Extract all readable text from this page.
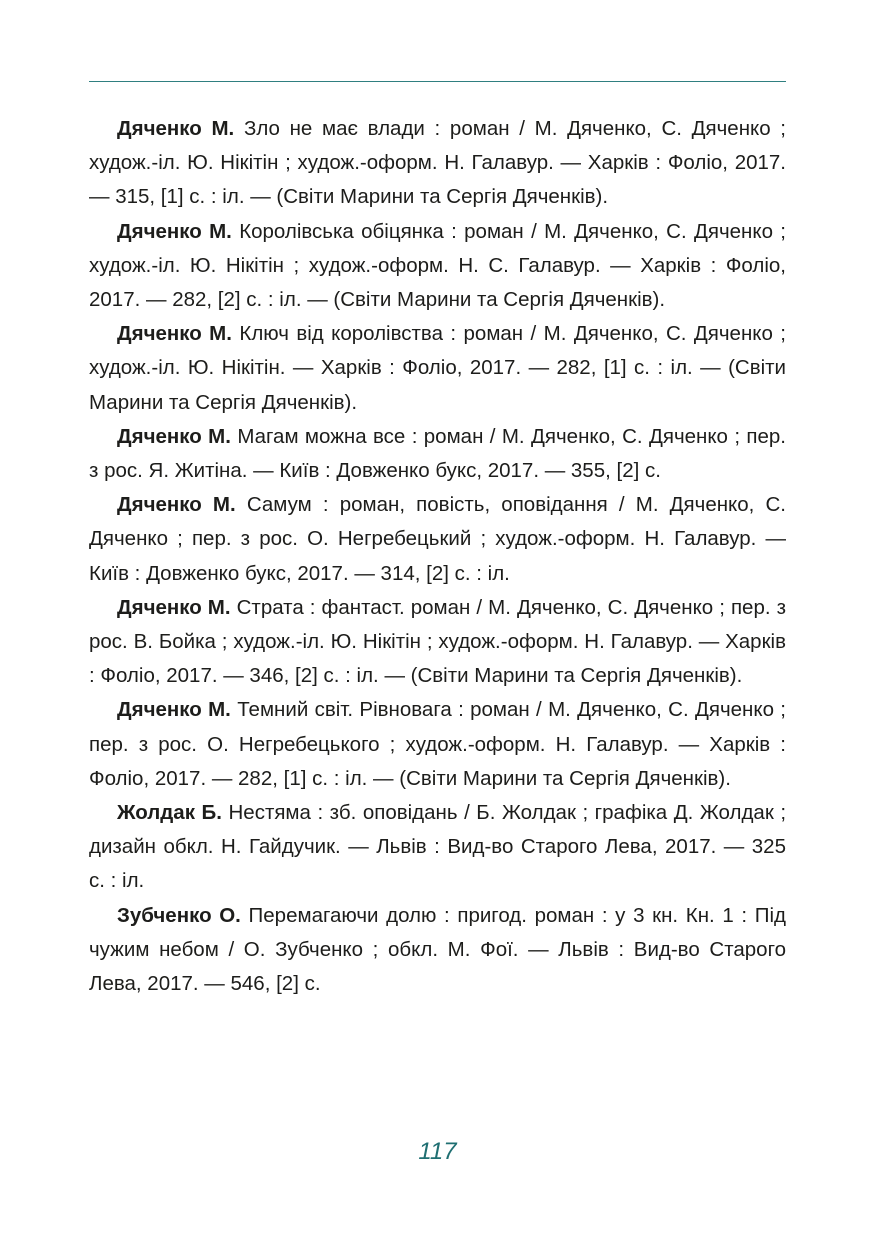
Дяченко М. Зло не має влади : роман / М. Дяченко, С. Дяченко ; худож.-іл. Ю. Нікітін ; худож.-оформ. Н. Галавур. — Харків : Фоліо, 2017. — 315, [1] с. : іл. — (Світи Марини та Сергія Дяченків).

Дяченко М. Королівська обіцянка : роман / М. Дяченко, С. Дяченко ; худож.-іл. Ю. Нікітін ; худож.-оформ. Н. С. Галавур. — Харків : Фоліо, 2017. — 282, [2] с. : іл. — (Світи Марини та Сергія Дяченків).

Дяченко М. Ключ від королівства : роман / М. Дяченко, С. Дяченко ; худож.-іл. Ю. Нікітін. — Харків : Фоліо, 2017. — 282, [1] с. : іл. — (Світи Марини та Сергія Дяченків).

Дяченко М. Магам можна все : роман / М. Дяченко, С. Дяченко ; пер. з рос. Я. Житіна. — Київ : Довженко букс, 2017. — 355, [2] с.

Дяченко М. Самум : роман, повість, оповідання / М. Дяченко, С. Дяченко ; пер. з рос. О. Негребецький ; худож.-оформ. Н. Галавур. — Київ : Довженко букс, 2017. — 314, [2] с. : іл.

Дяченко М. Страта : фантаст. роман / М. Дяченко, С. Дяченко ; пер. з рос. В. Бойка ; худож.-іл. Ю. Нікітін ; худож.-оформ. Н. Галавур. — Харків : Фоліо, 2017. — 346, [2] с. : іл. — (Світи Марини та Сергія Дяченків).

Дяченко М. Темний світ. Рівновага : роман / М. Дяченко, С. Дяченко ; пер. з рос. О. Негребецького ; худож.-оформ. Н. Галавур. — Харків : Фоліо, 2017. — 282, [1] с. : іл. — (Світи Марини та Сергія Дяченків).

Жолдак Б. Нестяма : зб. оповідань / Б. Жолдак ; графіка Д. Жолдак ; дизайн обкл. Н. Гайдучик. — Львів : Вид-во Старого Лева, 2017. — 325 с. : іл.

Зубченко О. Перемагаючи долю : пригод. роман : у 3 кн. Кн. 1 : Під чужим небом / О. Зубченко ; обкл. М. Фої. — Львів : Вид-во Старого Лева, 2017. — 546, [2] с.

117
